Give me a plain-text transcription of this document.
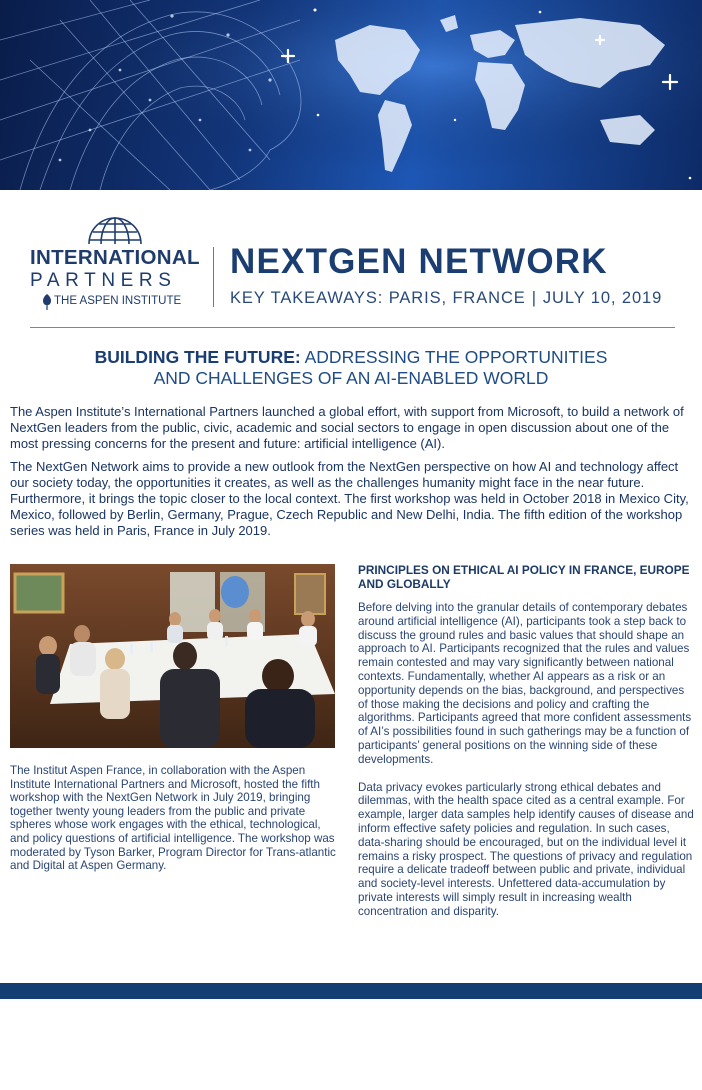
INTERNATIONAL
PARTNERS
THE ASPEN INSTITUTE
NEXTGEN NETWORK
KEY TAKEAWAYS: PARIS, FRANCE | JULY 10, 2019
BUILDING THE FUTURE: ADDRESSING THE OPPORTUNITIES
AND CHALLENGES OF AN AI-ENABLED WORLD

The Aspen Institute’s International Partners launched a global effort, with support from Microsoft, to build a network of NextGen leaders from the public, civic, academic and social sectors to engage in open discussion about one of the most pressing concerns for the present and future: artificial intelligence (AI).

The NextGen Network aims to provide a new outlook from the NextGen perspective on how AI and technology affect our society today, the opportunities it creates, as well as the challenges humanity might face in the near future. Furthermore, it brings the topic closer to the local context. The first workshop was held in October 2018 in Mexico City, Mexico, followed by Berlin, Germany, Prague, Czech Republic and New Delhi, India. The fifth edition of the workshop series was held in Paris, France in July 2019.

The Institut Aspen France, in collaboration with the Aspen Institute International Partners and Microsoft, hosted the fifth workshop with the NextGen Network in July 2019, bringing together twenty young leaders from the public and private spheres whose work engages with the ethical, technological, and policy questions of artificial intelligence. The workshop was moderated by Tyson Barker, Program Director for Trans-atlantic and Digital at Aspen Germany.

PRINCIPLES ON ETHICAL AI POLICY IN FRANCE, EUROPE AND GLOBALLY

Before delving into the granular details of contemporary debates around artificial intelligence (AI), participants took a step back to discuss the ground rules and basic values that should shape an approach to AI. Participants recognized that the rules and values remain contested and may vary significantly between national contexts. Fundamentally, whether AI appears as a risk or an opportunity depends on the bias, background, and perspectives of those making the decisions and policy and crafting the algorithms. Participants agreed that more confident assessments of AI’s possibilities found in such gatherings may be a function of participants’ general positions on the winning side of these developments.

Data privacy evokes particularly strong ethical debates and dilemmas, with the health space cited as a central example. For example, larger data samples help identify causes of disease and inform effective safety policies and regulation. In such cases, data-sharing should be encouraged, but on the individual level it remains a risky prospect. The questions of privacy and regulation require a delicate tradeoff between public and private, individual and society-level interests. Unfettered data-accumulation by private interests will simply result in increasing wealth concentration and disparity.
